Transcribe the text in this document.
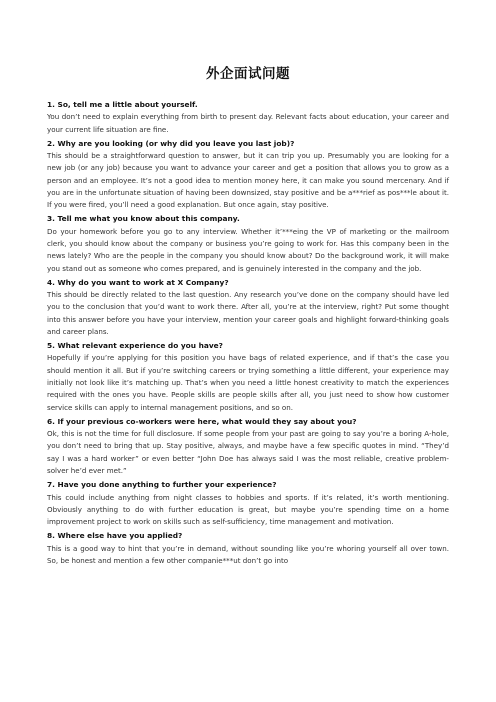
外企面试问题

1. So, tell me a little about yourself.

You don’t need to explain everything from birth to present day. Relevant facts about education, your career and your current life situation are fine.

2. Why are you looking (or why did you leave you last job)?

This should be a straightforward question to answer, but it can trip you up. Presumably you are looking for a new job (or any job) because you want to advance your career and get a position that allows you to grow as a person and an employee. It’s not a good idea to mention money here, it can make you sound mercenary. And if you are in the unfortunate situation of having been downsized, stay positive and be a***rief as pos***le about it. If you were fired, you’ll need a good explanation. But once again, stay positive.

3. Tell me what you know about this company.

Do your homework before you go to any interview. Whether it’***eing the VP of marketing or the mailroom clerk, you should know about the company or business you’re going to work for. Has this company been in the news lately? Who are the people in the company you should know about? Do the background work, it will make you stand out as someone who comes prepared, and is genuinely interested in the company and the job.

4. Why do you want to work at X Company?

This should be directly related to the last question. Any research you’ve done on the company should have led you to the conclusion that you’d want to work there. After all, you’re at the interview, right? Put some thought into this answer before you have your interview, mention your career goals and highlight forward-thinking goals and career plans.

5. What relevant experience do you have?

Hopefully if you’re applying for this position you have bags of related experience, and if that’s the case you should mention it all. But if you’re switching careers or trying something a little different, your experience may initially not look like it’s matching up. That’s when you need a little honest creativity to match the experiences required with the ones you have. People skills are people skills after all, you just need to show how customer service skills can apply to internal management positions, and so on.

6. If your previous co-workers were here, what would they say about you?

Ok, this is not the time for full disclosure. If some people from your past are going to say you’re a boring A-hole, you don’t need to bring that up. Stay positive, always, and maybe have a few specific quotes in mind. “They’d say I was a hard worker” or even better “John Doe has always said I was the most reliable, creative problem-solver he’d ever met.”

7. Have you done anything to further your experience?

This could include anything from night classes to hobbies and sports. If it’s related, it’s worth mentioning. Obviously anything to do with further education is great, but maybe you’re spending time on a home improvement project to work on skills such as self-sufficiency, time management and motivation.

8. Where else have you applied?

This is a good way to hint that you’re in demand, without sounding like you’re whoring yourself all over town. So, be honest and mention a few other companie***ut don’t go into
